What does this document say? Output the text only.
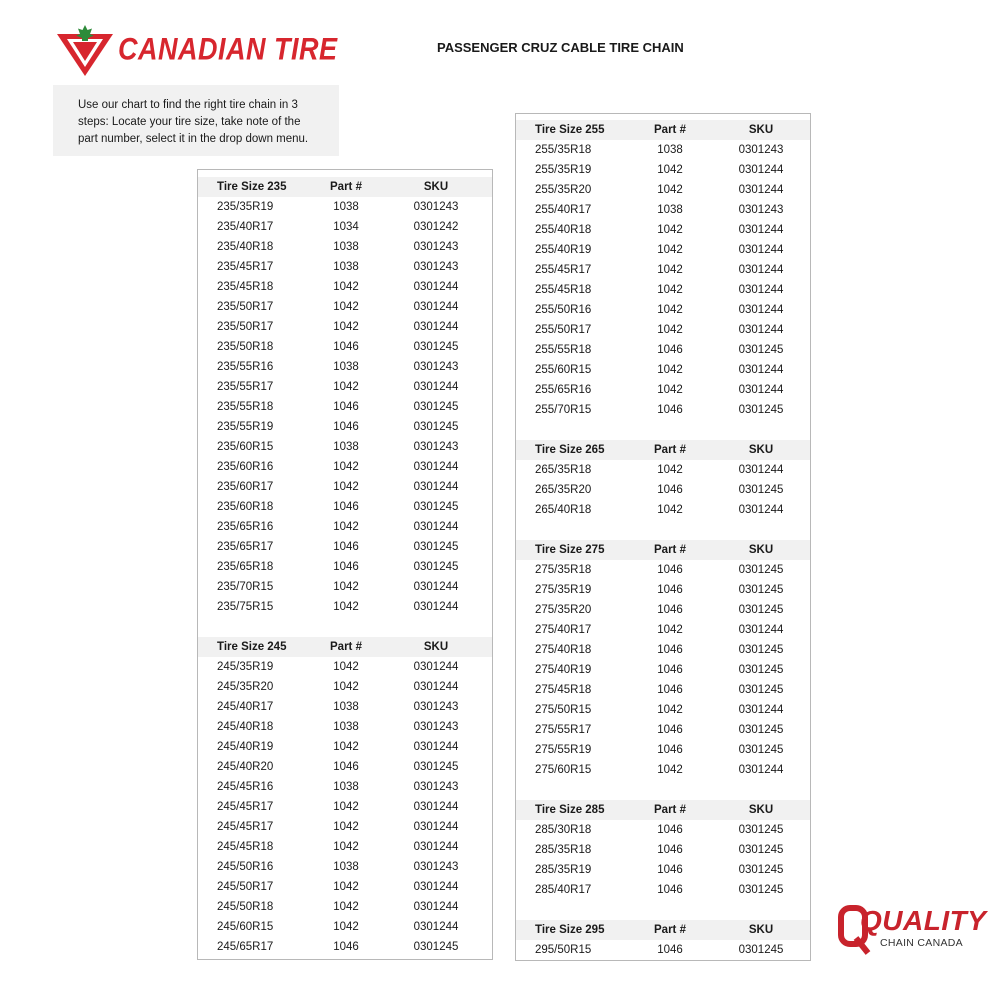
CANADIAN TIRE	PASSENGER CRUZ CABLE TIRE CHAIN
Use our chart to find the right tire chain in 3 steps: Locate your tire size, take note of the part number, select it in the drop down menu.
Tire Size 235	Part #	SKU
235/35R19	1038	0301243
235/40R17	1034	0301242
235/40R18	1038	0301243
235/45R17	1038	0301243
235/45R18	1042	0301244
235/50R17	1042	0301244
235/50R17	1042	0301244
235/50R18	1046	0301245
235/55R16	1038	0301243
235/55R17	1042	0301244
235/55R18	1046	0301245
235/55R19	1046	0301245
235/60R15	1038	0301243
235/60R16	1042	0301244
235/60R17	1042	0301244
235/60R18	1046	0301245
235/65R16	1042	0301244
235/65R17	1046	0301245
235/65R18	1046	0301245
235/70R15	1042	0301244
235/75R15	1042	0301244
Tire Size 245	Part #	SKU
245/35R19	1042	0301244
245/35R20	1042	0301244
245/40R17	1038	0301243
245/40R18	1038	0301243
245/40R19	1042	0301244
245/40R20	1046	0301245
245/45R16	1038	0301243
245/45R17	1042	0301244
245/45R17	1042	0301244
245/45R18	1042	0301244
245/50R16	1038	0301243
245/50R17	1042	0301244
245/50R18	1042	0301244
245/60R15	1042	0301244
245/65R17	1046	0301245
Tire Size 255	Part #	SKU
255/35R18	1038	0301243
255/35R19	1042	0301244
255/35R20	1042	0301244
255/40R17	1038	0301243
255/40R18	1042	0301244
255/40R19	1042	0301244
255/45R17	1042	0301244
255/45R18	1042	0301244
255/50R16	1042	0301244
255/50R17	1042	0301244
255/55R18	1046	0301245
255/60R15	1042	0301244
255/65R16	1042	0301244
255/70R15	1046	0301245
Tire Size 265	Part #	SKU
265/35R18	1042	0301244
265/35R20	1046	0301245
265/40R18	1042	0301244
Tire Size 275	Part #	SKU
275/35R18	1046	0301245
275/35R19	1046	0301245
275/35R20	1046	0301245
275/40R17	1042	0301244
275/40R18	1046	0301245
275/40R19	1046	0301245
275/45R18	1046	0301245
275/50R15	1042	0301244
275/55R17	1046	0301245
275/55R19	1046	0301245
275/60R15	1042	0301244
Tire Size 285	Part #	SKU
285/30R18	1046	0301245
285/35R18	1046	0301245
285/35R19	1046	0301245
285/40R17	1046	0301245
Tire Size 295	Part #	SKU
295/50R15	1046	0301245
QUALITY
CHAIN CANADA
